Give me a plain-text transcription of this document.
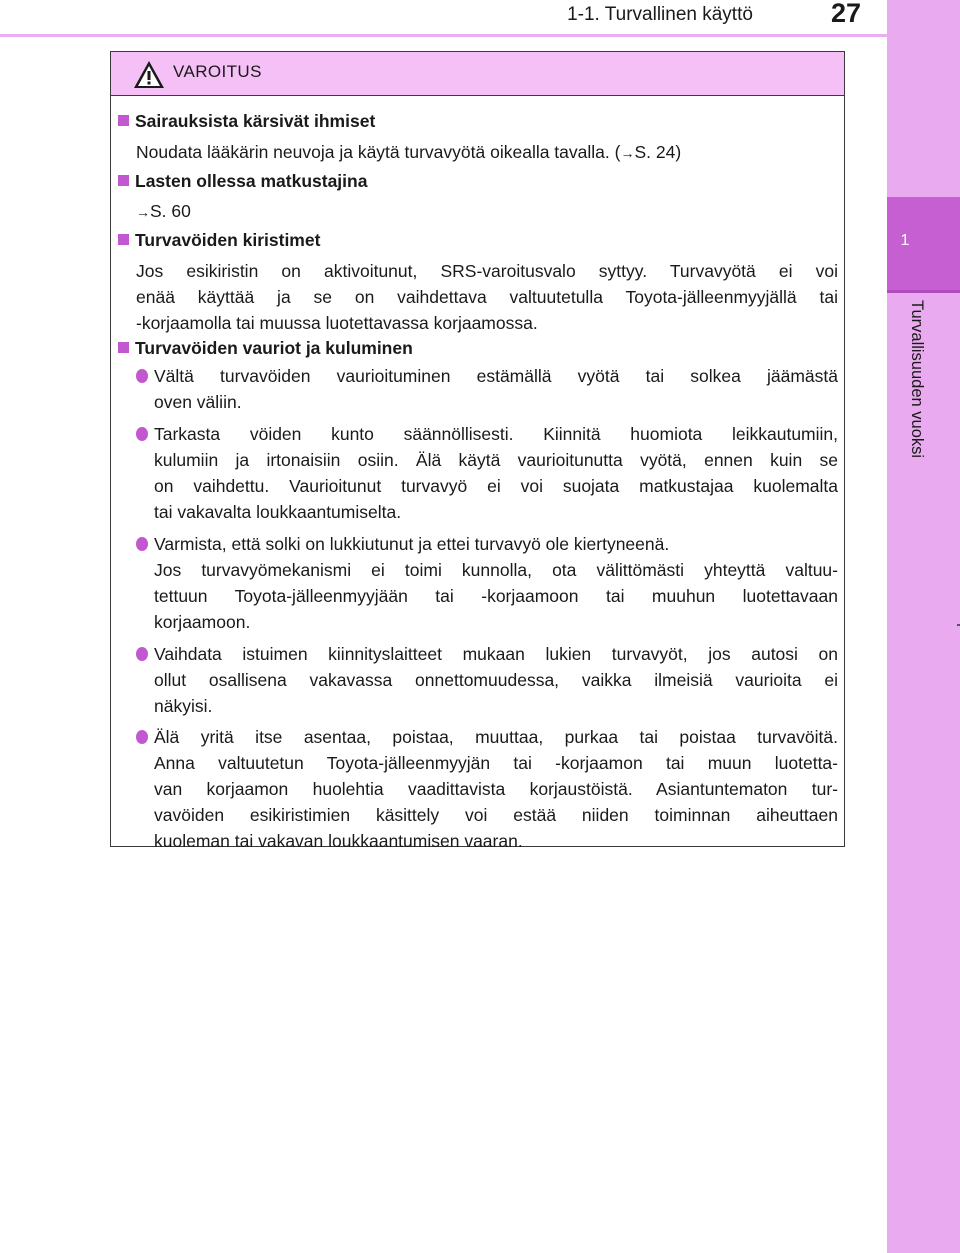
1-1. Turvallinen käyttö	27
1
Turvallisuuden vuoksi
VAROITUS
Sairauksista kärsivät ihmiset
Noudata lääkärin neuvoja ja käytä turvavyötä oikealla tavalla. (→S. 24)
Lasten ollessa matkustajina
→S. 60
Turvavöiden kiristimet
Jos esikiristin on aktivoitunut, SRS-varoitusvalo syttyy. Turvavyötä ei voi
enää käyttää ja se on vaihdettava valtuutetulla Toyota-jälleenmyyjällä tai
-korjaamolla tai muussa luotettavassa korjaamossa.
Turvavöiden vauriot ja kuluminen
Vältä turvavöiden vaurioituminen estämällä vyötä tai solkea jäämästä
oven väliin.
Tarkasta vöiden kunto säännöllisesti. Kiinnitä huomiota leikkautumiin,
kulumiin ja irtonaisiin osiin. Älä käytä vaurioitunutta vyötä, ennen kuin se
on vaihdettu. Vaurioitunut turvavyö ei voi suojata matkustajaa kuolemalta
tai vakavalta loukkaantumiselta.
Varmista, että solki on lukkiutunut ja ettei turvavyö ole kiertyneenä.
Jos turvavyömekanismi ei toimi kunnolla, ota välittömästi yhteyttä valtuu-
tettuun Toyota-jälleenmyyjään tai -korjaamoon tai muuhun luotettavaan
korjaamoon.
Vaihdata istuimen kiinnityslaitteet mukaan lukien turvavyöt, jos autosi on
ollut osallisena vakavassa onnettomuudessa, vaikka ilmeisiä vaurioita ei
näkyisi.
Älä yritä itse asentaa, poistaa, muuttaa, purkaa tai poistaa turvavöitä.
Anna valtuutetun Toyota-jälleenmyyjän tai -korjaamon tai muun luotetta-
van korjaamon huolehtia vaadittavista korjaustöistä. Asiantuntematon tur-
vavöiden esikiristimien käsittely voi estää niiden toiminnan aiheuttaen
kuoleman tai vakavan loukkaantumisen vaaran.
